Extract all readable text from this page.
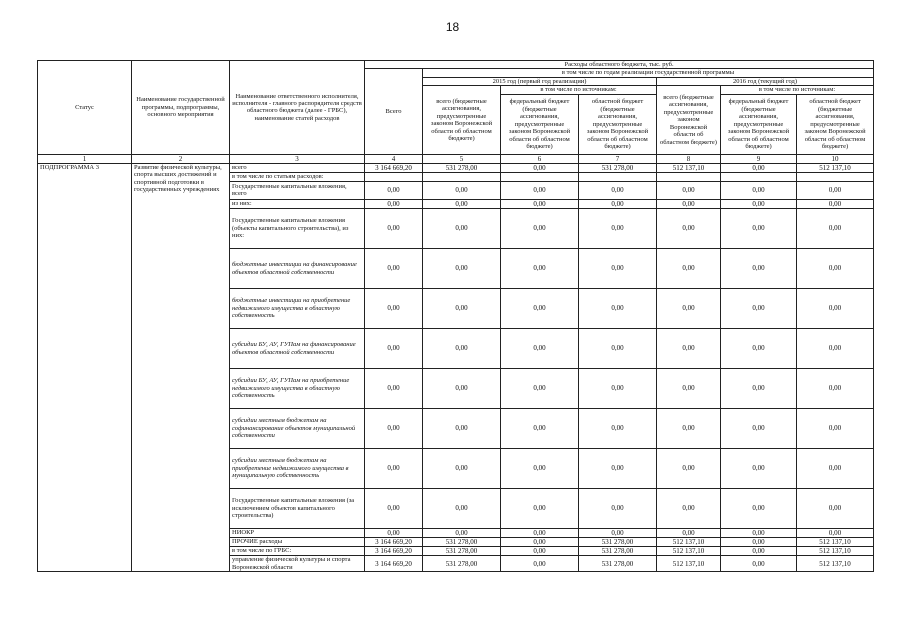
18
Статус	Наименование государственной программы, подпрограммы, основного мероприятия	Наименование ответственного исполнителя, исполнителя - главного распорядителя средств областного бюджета (далее - ГРБС), наименование статей расходов	Расходы областного бюджета, тыс. руб.						
			Всего	в том числе по годам реализации государственной программы					
				2015 год (первый год реализации)			2016 год (текущий год)		
				всего (бюджетные ассигнования, предусмотренные законом Воронежской области об областном бюджете)	в том числе по источникам:		всего (бюджетные ассигнования, предусмотренные законом Воронежской области об областном бюджете)	в том числе по источникам:	
					федеральный бюджет (бюджетные ассигнования, предусмотренные законом Воронежской области об областном бюджете)	областной бюджет (бюджетные ассигнования, предусмотренные законом Воронежской области об областном бюджете)		федеральный бюджет (бюджетные ассигнования, предусмотренные законом Воронежской области об областном бюджете)	областной бюджет (бюджетные ассигнования, предусмотренные законом Воронежской области об областном бюджете)
1	2	3	4	5	6	7	8	9	10
ПОДПРОГРАММА 3	Развитие физической культуры, спорта высших достижений и спортивной подготовки в государственных учреждениях	всего	3 164 669,20	531 278,00	0,00	531 278,00	512 137,10	0,00	512 137,10
		в том числе по статьям расходов:							
		Государственные капитальные вложения, всего	0,00	0,00	0,00	0,00	0,00	0,00	0,00
		из них:	0,00	0,00	0,00	0,00	0,00	0,00	0,00
		Государственные капитальные вложения (объекты капитального строительства), из них:	0,00	0,00	0,00	0,00	0,00	0,00	0,00
		бюджетные инвестиции на финансирование объектов областной собственности	0,00	0,00	0,00	0,00	0,00	0,00	0,00
		бюджетные инвестиции на приобретение недвижимого имущества в областную собственность	0,00	0,00	0,00	0,00	0,00	0,00	0,00
		субсидии БУ, АУ, ГУПам на финансирование объектов областной собственности	0,00	0,00	0,00	0,00	0,00	0,00	0,00
		субсидии БУ, АУ, ГУПам на приобретение недвижимого имущества в областную собственность	0,00	0,00	0,00	0,00	0,00	0,00	0,00
		субсидии местным бюджетам на софинансирование объектов муниципальной собственности	0,00	0,00	0,00	0,00	0,00	0,00	0,00
		субсидии местным бюджетам на приобретение недвижимого имущества в муниципальную собственность	0,00	0,00	0,00	0,00	0,00	0,00	0,00
		Государственные капитальные вложения (за исключением объектов капитального строительства)	0,00	0,00	0,00	0,00	0,00	0,00	0,00
		НИОКР	0,00	0,00	0,00	0,00	0,00	0,00	0,00
		ПРОЧИЕ расходы	3 164 669,20	531 278,00	0,00	531 278,00	512 137,10	0,00	512 137,10
		в том числе по ГРБС:	3 164 669,20	531 278,00	0,00	531 278,00	512 137,10	0,00	512 137,10
		управление физической культуры и спорта Воронежской области	3 164 669,20	531 278,00	0,00	531 278,00	512 137,10	0,00	512 137,10
